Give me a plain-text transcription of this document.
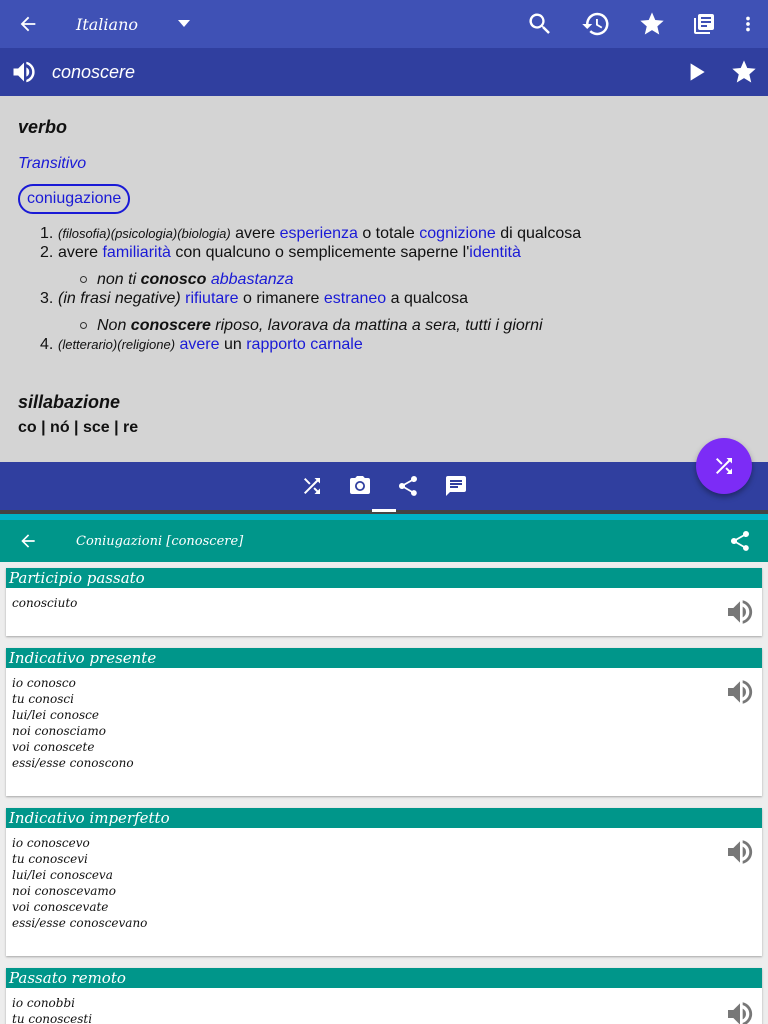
Italiano
conoscere
verbo
Transitivo
coniugazione
1. (filosofia)(psicologia)(biologia) avere esperienza o totale cognizione di qualcosa
2. avere familiarità con qualcuno o semplicemente saperne l'identità
non ti conosco abbastanza
3. (in frasi negative) rifiutare o rimanere estraneo a qualcosa
Non conoscere riposo, lavorava da mattina a sera, tutti i giorni
4. (letterario)(religione) avere un rapporto carnale
sillabazione
co | nó | sce | re
Coniugazioni [conoscere]
Participio passato
conosciuto
Indicativo presente
io conosco
tu conosci
lui/lei conosce
noi conosciamo
voi conoscete
essi/esse conoscono
Indicativo imperfetto
io conoscevo
tu conoscevi
lui/lei conosceva
noi conoscevamo
voi conoscevate
essi/esse conoscevano
Passato remoto
io conobbi
tu conoscesti
